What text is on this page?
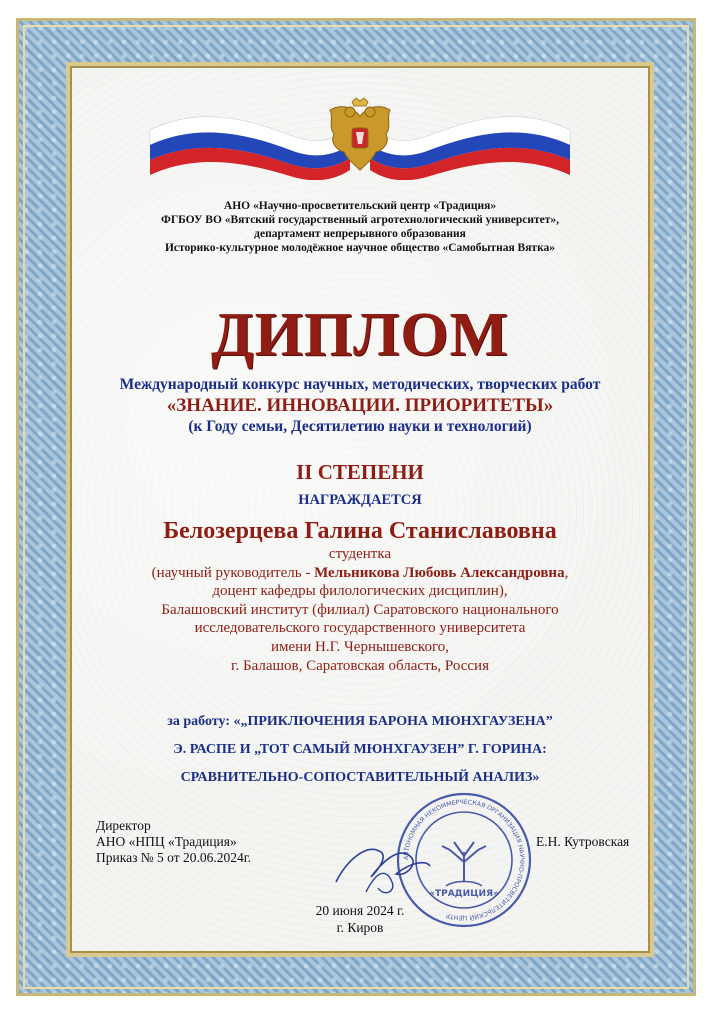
АНО «Научно-просветительский центр «Традиция»
ФГБОУ ВО «Вятский государственный агротехнологический университет»,
департамент непрерывного образования
Историко-культурное молодёжное научное общество «Самобытная Вятка»
ДИПЛОМ
Международный конкурс научных, методических, творческих работ
«ЗНАНИЕ. ИННОВАЦИИ. ПРИОРИТЕТЫ»
(к Году семьи, Десятилетию науки и технологий)
II СТЕПЕНИ
НАГРАЖДАЕТСЯ
Белозерцева Галина Станиславовна
студентка
(научный руководитель - Мельникова Любовь Александровна,
доцент кафедры филологических дисциплин),
Балашовский институт (филиал) Саратовского национального
исследовательского государственного университета
имени Н.Г. Чернышевского,
г. Балашов, Саратовская область, Россия
за работу: «„ПРИКЛЮЧЕНИЯ БАРОНА МЮНХГАУЗЕНА”
Э. РАСПЕ И „ТОТ САМЫЙ МЮНХГАУЗЕН” Г. ГОРИНА:
СРАВНИТЕЛЬНО-СОПОСТАВИТЕЛЬНЫЙ АНАЛИЗ»
Директор
АНО «НПЦ «Традиция»
Приказ № 5 от 20.06.2024г.	АВТОНОМНАЯ НЕКОММЕРЧЕСКАЯ ОРГАНИЗАЦИЯ НАУЧНО-ПРОСВЕТИТЕЛЬСКИЙ ЦЕНТР
«ТРАДИЦИЯ»
Е.Н. Кутровская
20 июня 2024 г.
г. Киров
